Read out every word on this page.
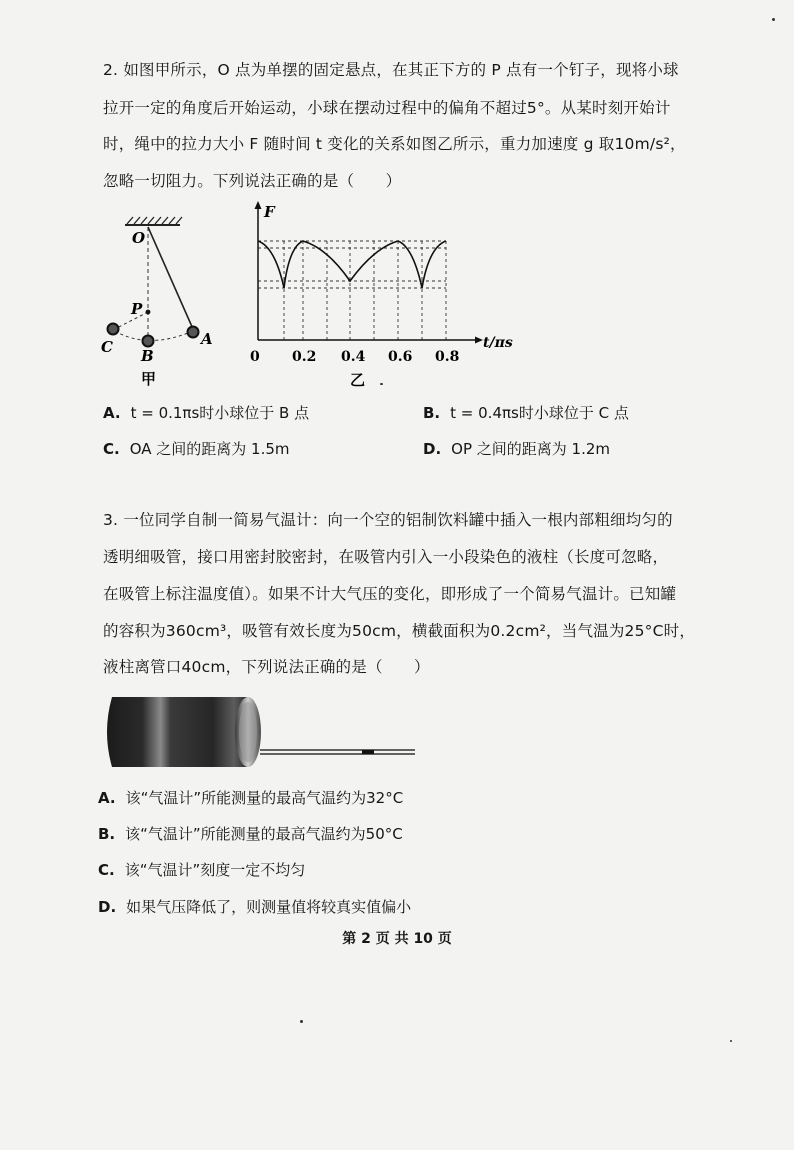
2. 如图甲所示，O 点为单摆的固定悬点，在其正下方的 P 点有一个钉子，现将小球
拉开一定的角度后开始运动，小球在摆动过程中的偏角不超过5°。从某时刻开始计
时，绳中的拉力大小 F 随时间 t 变化的关系如图乙所示，重力加速度 g 取10m/s²，
忽略一切阻力。下列说法正确的是（　　）
O
P
A
B
C
甲
F
t/πs
0 0.2 0.4 0.6 0.8
乙
A. t = 0.1πs时小球位于 B 点	B. t = 0.4πs时小球位于 C 点
C. OA 之间的距离为 1.5m	D. OP 之间的距离为 1.2m
3. 一位同学自制一简易气温计：向一个空的铝制饮料罐中插入一根内部粗细均匀的
透明细吸管，接口用密封胶密封，在吸管内引入一小段染色的液柱（长度可忽略，
在吸管上标注温度值）。如果不计大气压的变化，即形成了一个简易气温计。已知罐
的容积为360cm³，吸管有效长度为50cm，横截面积为0.2cm²，当气温为25°C时，
液柱离管口40cm，下列说法正确的是（　　）
A. 该“气温计”所能测量的最高气温约为32°C
B. 该“气温计”所能测量的最高气温约为50°C
C. 该“气温计”刻度一定不均匀
D. 如果气压降低了，则测量值将较真实值偏小
第 2 页 共 10 页
